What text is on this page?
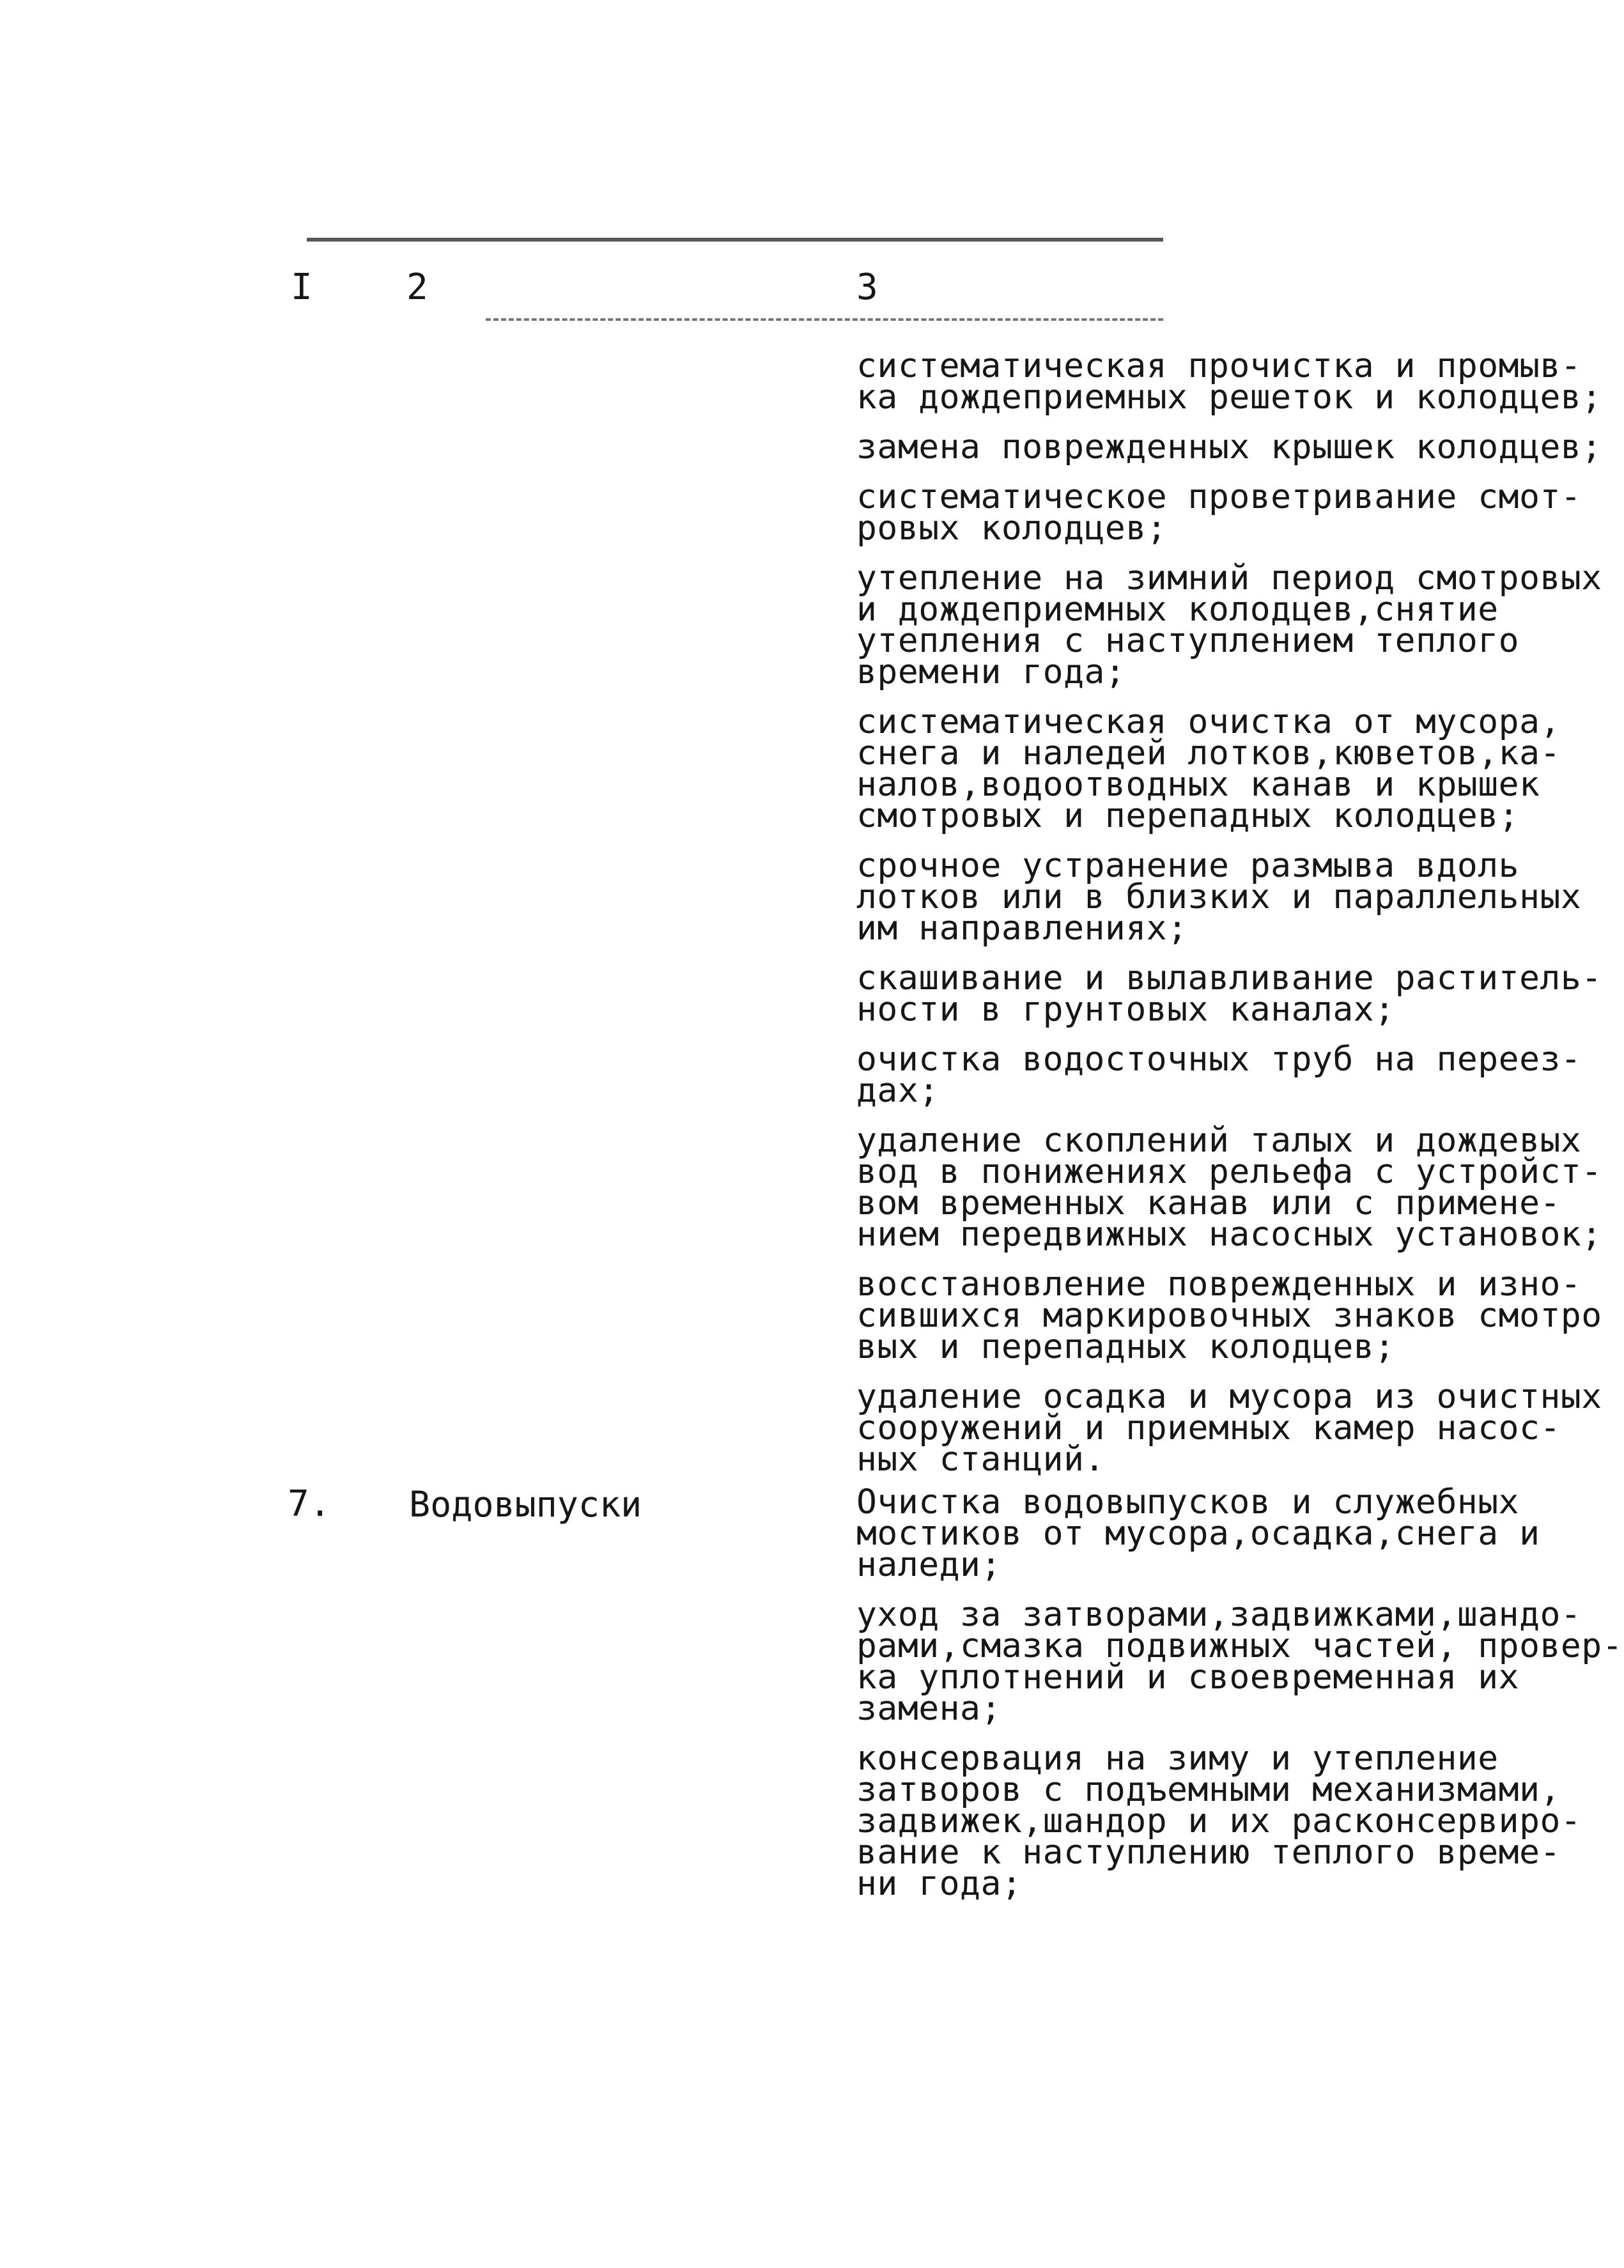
I	2	3
систематическая прочистка и промыв-
ка дождеприемных решеток и колодцев;
замена поврежденных крышек колодцев;
систематическое проветривание смот-
ровых колодцев;
утепление на зимний период смотровых
и дождеприемных колодцев,снятие
утепления с наступлением теплого
времени года;
систематическая очистка от мусора,
снега и наледей лотков,кюветов,ка-
налов,водоотводных канав и крышек
смотровых и перепадных колодцев;
срочное устранение размыва вдоль
лотков или в близких и параллельных
им направлениях;
скашивание и вылавливание раститель-
ности в грунтовых каналах;
очистка водосточных труб на переез-
дах;
удаление скоплений талых и дождевых
вод в понижениях рельефа с устройст-
вом временных канав или с примене-
нием передвижных насосных установок;
восстановление поврежденных и изно-
сившихся маркировочных знаков смотро
вых и перепадных колодцев;
удаление осадка и мусора из очистных
сооружений и приемных камер насос-
ных станций.
7. Водовыпуски	Очистка водовыпусков и служебных
мостиков от мусора,осадка,снега и
наледи;
уход за затворами,задвижками,шандо-
рами,смазка подвижных частей, провер-
ка уплотнений и своевременная их
замена;
консервация на зиму и утепление
затворов с подъемными механизмами,
задвижек,шандор и их расконсервиро-
вание к наступлению теплого време-
ни года;
